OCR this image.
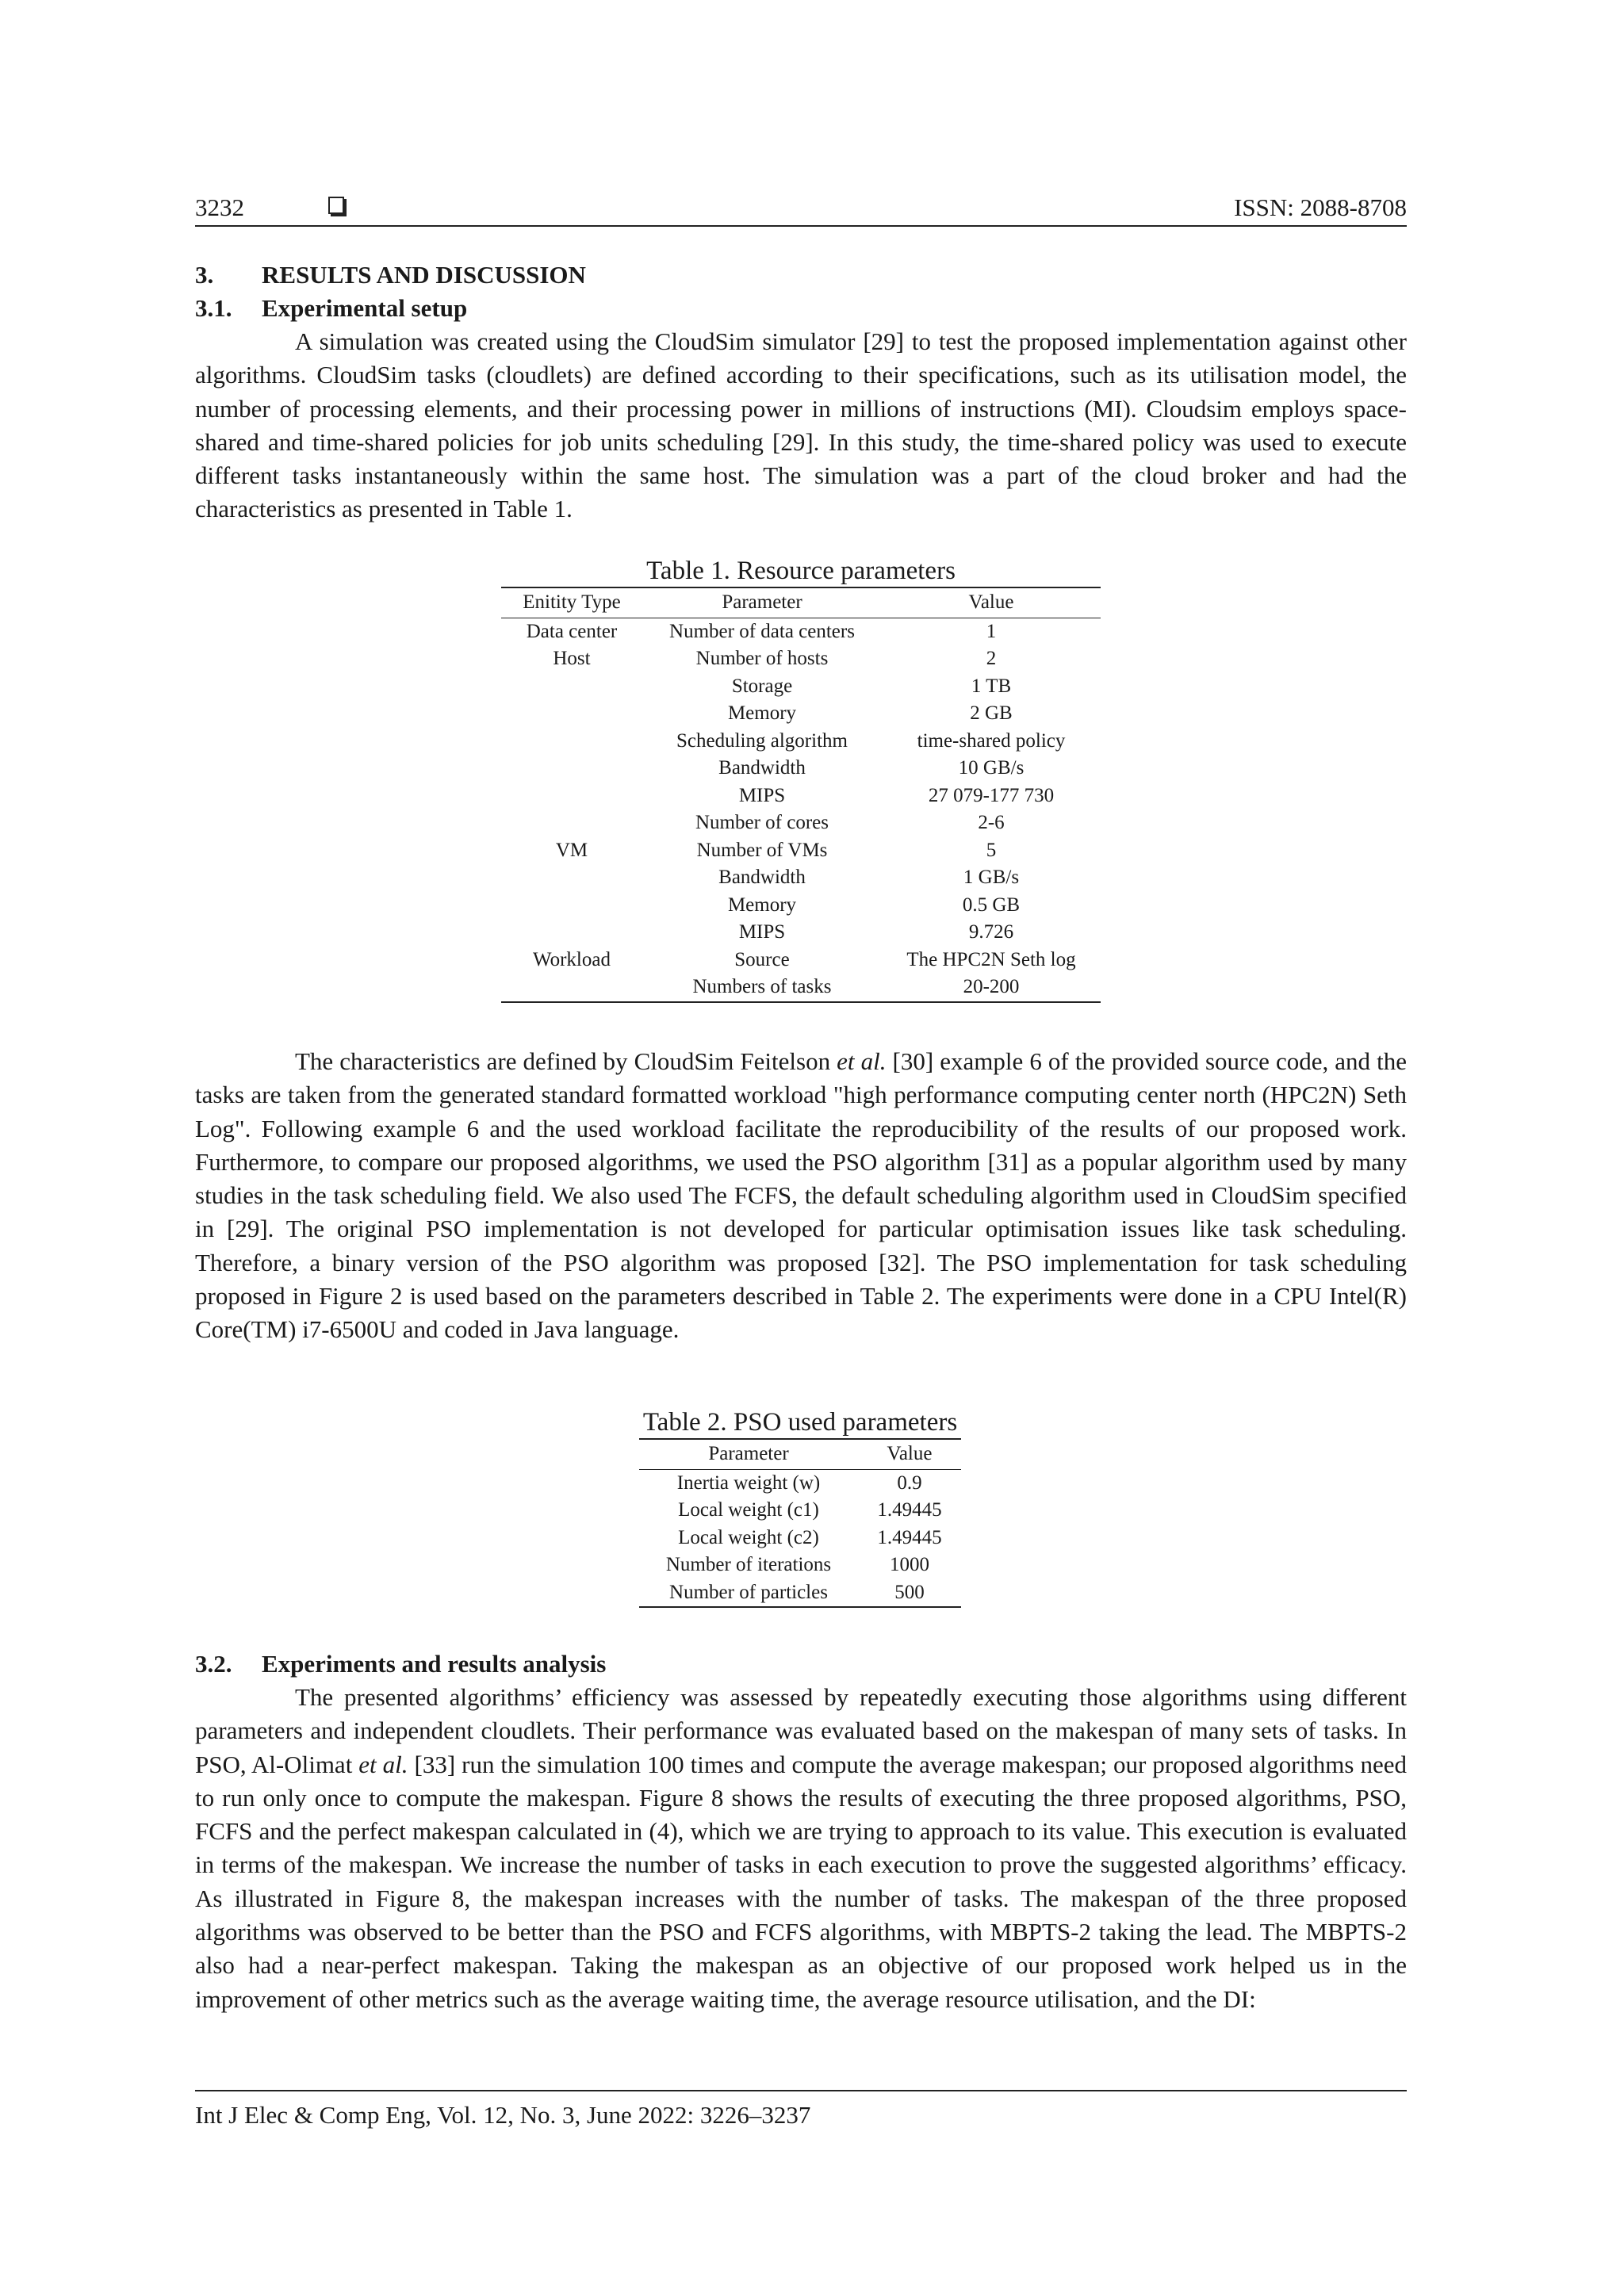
3232	ISSN: 2088-8708
3. RESULTS AND DISCUSSION
3.1. Experimental setup

A simulation was created using the CloudSim simulator [29] to test the proposed implementation against other algorithms. CloudSim tasks (cloudlets) are defined according to their specifications, such as its utilisation model, the number of processing elements, and their processing power in millions of instructions (MI). Cloudsim employs space-shared and time-shared policies for job units scheduling [29]. In this study, the time-shared policy was used to execute different tasks instantaneously within the same host. The simulation was a part of the cloud broker and had the characteristics as presented in Table 1.

Table 1. Resource parameters
Enitity Type	Parameter	Value
Data center	Number of data centers	1
Host	Number of hosts	2
	Storage	1 TB
	Memory	2 GB
	Scheduling algorithm	time-shared policy
	Bandwidth	10 GB/s
	MIPS	27 079-177 730
	Number of cores	2-6
VM	Number of VMs	5
	Bandwidth	1 GB/s
	Memory	0.5 GB
	MIPS	9.726
Workload	Source	The HPC2N Seth log
	Numbers of tasks	20-200

The characteristics are defined by CloudSim Feitelson et al. [30] example 6 of the provided source code, and the tasks are taken from the generated standard formatted workload "high performance computing center north (HPC2N) Seth Log". Following example 6 and the used workload facilitate the reproducibility of the results of our proposed work. Furthermore, to compare our proposed algorithms, we used the PSO algorithm [31] as a popular algorithm used by many studies in the task scheduling field. We also used The FCFS, the default scheduling algorithm used in CloudSim specified in [29]. The original PSO implementation is not developed for particular optimisation issues like task scheduling. Therefore, a binary version of the PSO algorithm was proposed [32]. The PSO implementation for task scheduling proposed in Figure 2 is used based on the parameters described in Table 2. The experiments were done in a CPU Intel(R) Core(TM) i7-6500U and coded in Java language.

Table 2. PSO used parameters
Parameter	Value
Inertia weight (w)	0.9
Local weight (c1)	1.49445
Local weight (c2)	1.49445
Number of iterations	1000
Number of particles	500
3.2. Experiments and results analysis

The presented algorithms’ efficiency was assessed by repeatedly executing those algorithms using different parameters and independent cloudlets. Their performance was evaluated based on the makespan of many sets of tasks. In PSO, Al-Olimat et al. [33] run the simulation 100 times and compute the average makespan; our proposed algorithms need to run only once to compute the makespan. Figure 8 shows the results of executing the three proposed algorithms, PSO, FCFS and the perfect makespan calculated in (4), which we are trying to approach to its value. This execution is evaluated in terms of the makespan. We increase the number of tasks in each execution to prove the suggested algorithms’ efficacy. As illustrated in Figure 8, the makespan increases with the number of tasks. The makespan of the three proposed algorithms was observed to be better than the PSO and FCFS algorithms, with MBPTS-2 taking the lead. The MBPTS-2 also had a near-perfect makespan. Taking the makespan as an objective of our proposed work helped us in the improvement of other metrics such as the average waiting time, the average resource utilisation, and the DI:

Int J Elec & Comp Eng, Vol. 12, No. 3, June 2022: 3226–3237
